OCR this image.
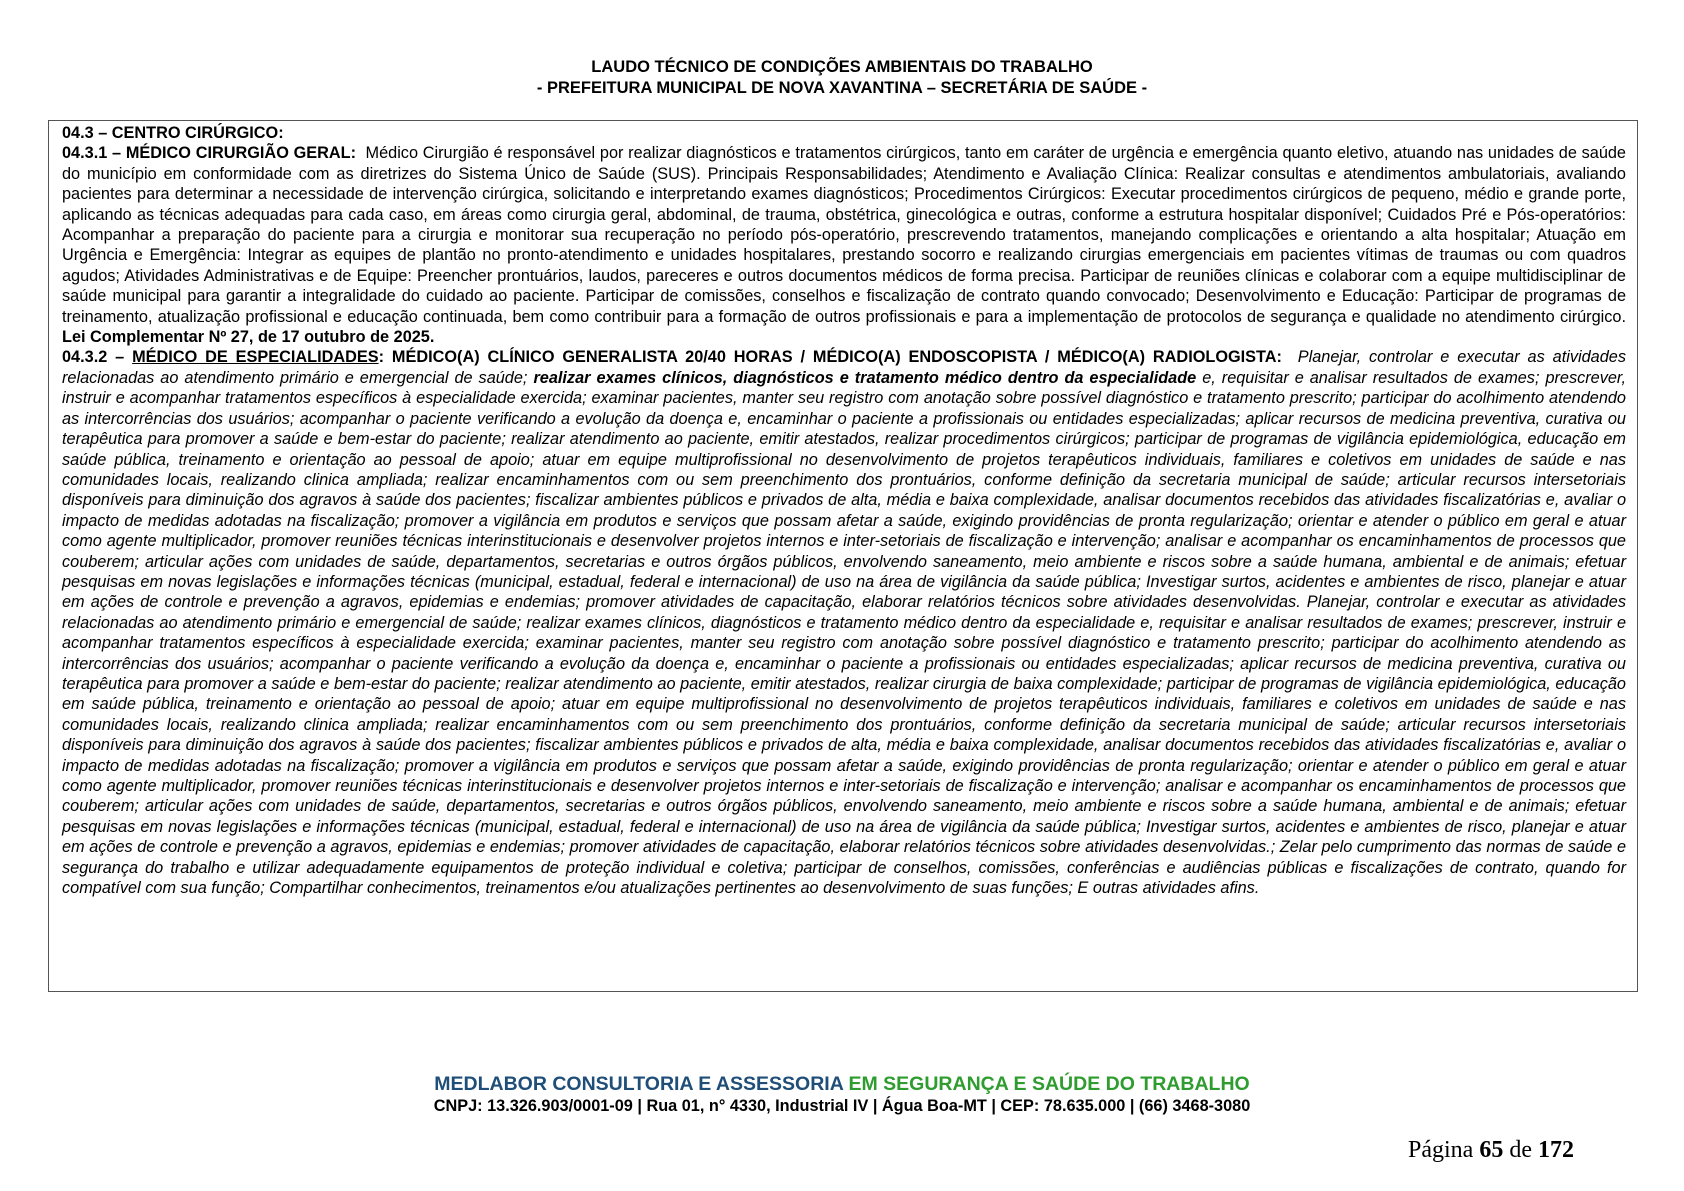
LAUDO TÉCNICO DE CONDIÇÕES AMBIENTAIS DO TRABALHO
- PREFEITURA MUNICIPAL DE NOVA XAVANTINA – SECRETÁRIA DE SAÚDE -

04.3 – CENTRO CIRÚRGICO:

04.3.1 – MÉDICO CIRURGIÃO GERAL: Médico Cirurgião é responsável por realizar diagnósticos e tratamentos cirúrgicos, tanto em caráter de urgência e emergência quanto eletivo, atuando nas unidades de saúde do município em conformidade com as diretrizes do Sistema Único de Saúde (SUS). Principais Responsabilidades; Atendimento e Avaliação Clínica: Realizar consultas e atendimentos ambulatoriais, avaliando pacientes para determinar a necessidade de intervenção cirúrgica, solicitando e interpretando exames diagnósticos; Procedimentos Cirúrgicos: Executar procedimentos cirúrgicos de pequeno, médio e grande porte, aplicando as técnicas adequadas para cada caso, em áreas como cirurgia geral, abdominal, de trauma, obstétrica, ginecológica e outras, conforme a estrutura hospitalar disponível; Cuidados Pré e Pós-operatórios: Acompanhar a preparação do paciente para a cirurgia e monitorar sua recuperação no período pós-operatório, prescrevendo tratamentos, manejando complicações e orientando a alta hospitalar; Atuação em Urgência e Emergência: Integrar as equipes de plantão no pronto-atendimento e unidades hospitalares, prestando socorro e realizando cirurgias emergenciais em pacientes vítimas de traumas ou com quadros agudos; Atividades Administrativas e de Equipe: Preencher prontuários, laudos, pareceres e outros documentos médicos de forma precisa. Participar de reuniões clínicas e colaborar com a equipe multidisciplinar de saúde municipal para garantir a integralidade do cuidado ao paciente. Participar de comissões, conselhos e fiscalização de contrato quando convocado; Desenvolvimento e Educação: Participar de programas de treinamento, atualização profissional e educação continuada, bem como contribuir para a formação de outros profissionais e para a implementação de protocolos de segurança e qualidade no atendimento cirúrgico. Lei Complementar Nº 27, de 17 outubro de 2025.

04.3.2 – MÉDICO DE ESPECIALIDADES: MÉDICO(A) CLÍNICO GENERALISTA 20/40 HORAS / MÉDICO(A) ENDOSCOPISTA / MÉDICO(A) RADIOLOGISTA: Planejar, controlar e executar as atividades relacionadas ao atendimento primário e emergencial de saúde; realizar exames clínicos, diagnósticos e tratamento médico dentro da especialidade e, requisitar e analisar resultados de exames; prescrever, instruir e acompanhar tratamentos específicos à especialidade exercida; examinar pacientes, manter seu registro com anotação sobre possível diagnóstico e tratamento prescrito; participar do acolhimento atendendo as intercorrências dos usuários; acompanhar o paciente verificando a evolução da doença e, encaminhar o paciente a profissionais ou entidades especializadas; aplicar recursos de medicina preventiva, curativa ou terapêutica para promover a saúde e bem-estar do paciente; realizar atendimento ao paciente, emitir atestados, realizar procedimentos cirúrgicos; participar de programas de vigilância epidemiológica, educação em saúde pública, treinamento e orientação ao pessoal de apoio; atuar em equipe multiprofissional no desenvolvimento de projetos terapêuticos individuais, familiares e coletivos em unidades de saúde e nas comunidades locais, realizando clinica ampliada; realizar encaminhamentos com ou sem preenchimento dos prontuários, conforme definição da secretaria municipal de saúde; articular recursos intersetoriais disponíveis para diminuição dos agravos à saúde dos pacientes; fiscalizar ambientes públicos e privados de alta, média e baixa complexidade, analisar documentos recebidos das atividades fiscalizatórias e, avaliar o impacto de medidas adotadas na fiscalização; promover a vigilância em produtos e serviços que possam afetar a saúde, exigindo providências de pronta regularização; orientar e atender o público em geral e atuar como agente multiplicador, promover reuniões técnicas interinstitucionais e desenvolver projetos internos e inter-setoriais de fiscalização e intervenção; analisar e acompanhar os encaminhamentos de processos que couberem; articular ações com unidades de saúde, departamentos, secretarias e outros órgãos públicos, envolvendo saneamento, meio ambiente e riscos sobre a saúde humana, ambiental e de animais; efetuar pesquisas em novas legislações e informações técnicas (municipal, estadual, federal e internacional) de uso na área de vigilância da saúde pública; Investigar surtos, acidentes e ambientes de risco, planejar e atuar em ações de controle e prevenção a agravos, epidemias e endemias; promover atividades de capacitação, elaborar relatórios técnicos sobre atividades desenvolvidas. Planejar, controlar e executar as atividades relacionadas ao atendimento primário e emergencial de saúde; realizar exames clínicos, diagnósticos e tratamento médico dentro da especialidade e, requisitar e analisar resultados de exames; prescrever, instruir e acompanhar tratamentos específicos à especialidade exercida; examinar pacientes, manter seu registro com anotação sobre possível diagnóstico e tratamento prescrito; participar do acolhimento atendendo as intercorrências dos usuários; acompanhar o paciente verificando a evolução da doença e, encaminhar o paciente a profissionais ou entidades especializadas; aplicar recursos de medicina preventiva, curativa ou terapêutica para promover a saúde e bem-estar do paciente; realizar atendimento ao paciente, emitir atestados, realizar cirurgia de baixa complexidade; participar de programas de vigilância epidemiológica, educação em saúde pública, treinamento e orientação ao pessoal de apoio; atuar em equipe multiprofissional no desenvolvimento de projetos terapêuticos individuais, familiares e coletivos em unidades de saúde e nas comunidades locais, realizando clinica ampliada; realizar encaminhamentos com ou sem preenchimento dos prontuários, conforme definição da secretaria municipal de saúde; articular recursos intersetoriais disponíveis para diminuição dos agravos à saúde dos pacientes; fiscalizar ambientes públicos e privados de alta, média e baixa complexidade, analisar documentos recebidos das atividades fiscalizatórias e, avaliar o impacto de medidas adotadas na fiscalização; promover a vigilância em produtos e serviços que possam afetar a saúde, exigindo providências de pronta regularização; orientar e atender o público em geral e atuar como agente multiplicador, promover reuniões técnicas interinstitucionais e desenvolver projetos internos e inter-setoriais de fiscalização e intervenção; analisar e acompanhar os encaminhamentos de processos que couberem; articular ações com unidades de saúde, departamentos, secretarias e outros órgãos públicos, envolvendo saneamento, meio ambiente e riscos sobre a saúde humana, ambiental e de animais; efetuar pesquisas em novas legislações e informações técnicas (municipal, estadual, federal e internacional) de uso na área de vigilância da saúde pública; Investigar surtos, acidentes e ambientes de risco, planejar e atuar em ações de controle e prevenção a agravos, epidemias e endemias; promover atividades de capacitação, elaborar relatórios técnicos sobre atividades desenvolvidas.; Zelar pelo cumprimento das normas de saúde e segurança do trabalho e utilizar adequadamente equipamentos de proteção individual e coletiva; participar de conselhos, comissões, conferências e audiências públicas e fiscalizações de contrato, quando for compatível com sua função; Compartilhar conhecimentos, treinamentos e/ou atualizações pertinentes ao desenvolvimento de suas funções; E outras atividades afins.

MEDLABOR CONSULTORIA E ASSESSORIA EM SEGURANÇA E SAÚDE DO TRABALHO
CNPJ: 13.326.903/0001-09 | Rua 01, n° 4330, Industrial IV | Água Boa-MT | CEP: 78.635.000 | (66) 3468-3080
Página 65 de 172
